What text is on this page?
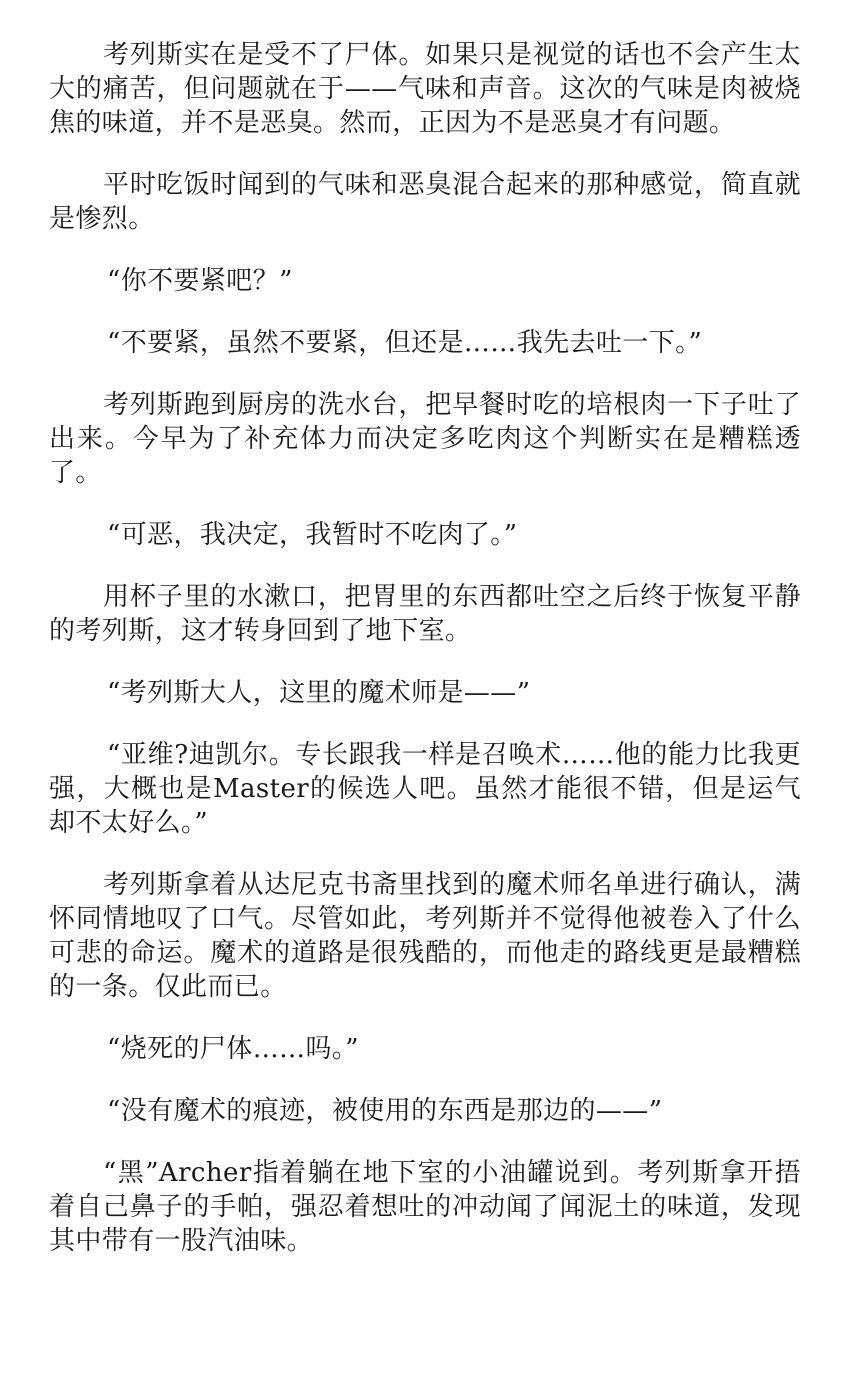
考列斯实在是受不了尸体。如果只是视觉的话也不会产生太大的痛苦，但问题就在于——气味和声音。这次的气味是肉被烧焦的味道，并不是恶臭。然而，正因为不是恶臭才有问题。

平时吃饭时闻到的气味和恶臭混合起来的那种感觉，简直就是惨烈。

“你不要紧吧？”

“不要紧，虽然不要紧，但还是……我先去吐一下。”

考列斯跑到厨房的洗水台，把早餐时吃的培根肉一下子吐了出来。今早为了补充体力而决定多吃肉这个判断实在是糟糕透了。

“可恶，我决定，我暂时不吃肉了。”

用杯子里的水漱口，把胃里的东西都吐空之后终于恢复平静的考列斯，这才转身回到了地下室。

“考列斯大人，这里的魔术师是——”

“亚维?迪凯尔。专长跟我一样是召唤术……他的能力比我更强，大概也是Master的候选人吧。虽然才能很不错，但是运气却不太好么。”

考列斯拿着从达尼克书斋里找到的魔术师名单进行确认，满怀同情地叹了口气。尽管如此，考列斯并不觉得他被卷入了什么可悲的命运。魔术的道路是很残酷的，而他走的路线更是最糟糕的一条。仅此而已。

“烧死的尸体……吗。”

“没有魔术的痕迹，被使用的东西是那边的——”

“黑”Archer指着躺在地下室的小油罐说到。考列斯拿开捂着自己鼻子的手帕，强忍着想吐的冲动闻了闻泥土的味道，发现其中带有一股汽油味。
